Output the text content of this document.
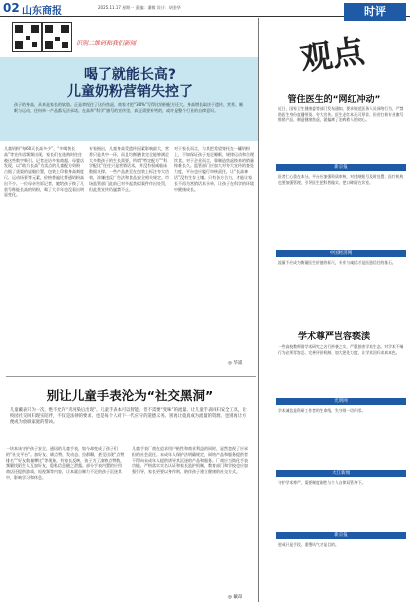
02 山东商报	2025.11.17 星期一 责编：潘敏 设计：胡金华	时评
识别二维码和我们新闻
喝了就能长高?
儿童奶粉营销失控了
孩子的身高，从来是家长的软肋。正是拿捏住了这份焦虑，商家才把“30%”写得比奶粉配方还大。身高增长取决于遗传、营养、睡眠与运动，任何单一产品都无法承诺。在高举“科学”旗号的宣传里，真正需要补钙的，或许是整个行业的自律意识。
儿童奶粉“每60天长高多少”、“多喝快长高”等宣传语频频出现，家长们在选购时往往被这些数字吸引。记者走访多家商超、母婴店发现，以“助力长高”为卖点的儿童配方奶粉占据了货架的显眼位置，包装上印着身高刻度尺、运动场景等元素，价格普遍比普通奶粉高出不少。一位母亲告诉记者，她给孩子换了几款号称能长高的奶粉，喝了大半年也没看出明显变化。
专家指出，儿童身高受遗传因素影响最大，营养只是其中一环，而且均衡膳食完全能够满足大多数孩子的生长需要。所谓“特定配方”“科学配比”往往只是营销话术，并没有权威临床数据支撑。一些产品甚至在包装上标注夸大功效，涉嫌违反广告法和食品安全相关规定。市场监管部门此前已对多起类似案件作出处罚，但此类宣传仍屡禁不止。
对于家长而言，与其把希望寄托在一罐奶粉上，不如保证孩子充足睡眠、规律运动和合理饮食。对于企业而言，靠制造焦虑换来的销量终难长久。监管部门应加大对夸大宣传的查处力度，平台也应履行审核责任，让“长高神话”没有生存土壤。只有各方合力，才能让家长不再为营销话术买单，让孩子在科学的环境中健康成长。
◎ 华浦
别让儿童手表沦为“社交黑洞”
儿童戴表只为一次，绝不允许“夹河染后出现”。儿童手表本可以智能，但不需要“变味”的流量。让儿童手表回归安全工具，让校园社交回归现实陪伴，不仅是法律的要求，也是每个人对下一代应守的道德义务。别再让童真成为流量的资源，也别再让方便成为放纵家庭的帮凶。
一块本该守护孩子安全、通讯的儿童手表，如今却变成了孩子们的“社交平台”。加好友、刷点赞、发动态、拉群聊，甚至出现“点赞排名”“好友数量攀比”等现象。有家长反映，孩子为了凑够点赞数，频繁找陌生人互加好友，隐私信息随之泄露。部分手表内置的应用商店还提供游戏、短视频等内容，让本就自制力不足的孩子沉迷其中，影响学习和休息。
儿童手表厂商在追求用户粘性和商业利益的同时，显然忽视了应承担的社会责任。未成年人保护法明确规定，网络产品和服务提供者不得向未成年人提供诱导其沉迷的产品和服务。厂商应当简化手表功能，严格落实实名认证和家长监护机制，教育部门和学校也应加强引导，家长更要以身作则，陪伴孩子建立健康的社交方式。
◎ 戴昂
观点
管住医生的“网红冲动”
近日，国家卫生健康委等部门发布通知，要求规范医务人员网络行为，严禁借医生身份直播带货、夸大宣传。医生走红本无可厚非，但若打着专业旗号推销产品、制造健康焦虑，就偏离了治病救人的初心。
新京报
医者仁心重在本分。平台应加强资质审核，对违规账号及时处置；医疗机构也要加强管理，引导医生把科普做实、把口碑留在诊室。
中国经济网
流量不应成为衡量医生价值的标尺，专业与诚信才是医患信任的基石。
学术尊严岂容亵渎
一些高校教师借学术研究之名行抄袭之实，严重损害学术生态。对学术不端行为必须零容忍，完善评价机制、加大惩处力度，让学术回归求真本色。
光明网
学术诚信是科研工作者的生命线，失守则一切归零。
大江新闻
守护学术尊严，需要制度刚性与个人自律双管齐下。
新京报
惩戒只是手段，重塑风气才是目的。
